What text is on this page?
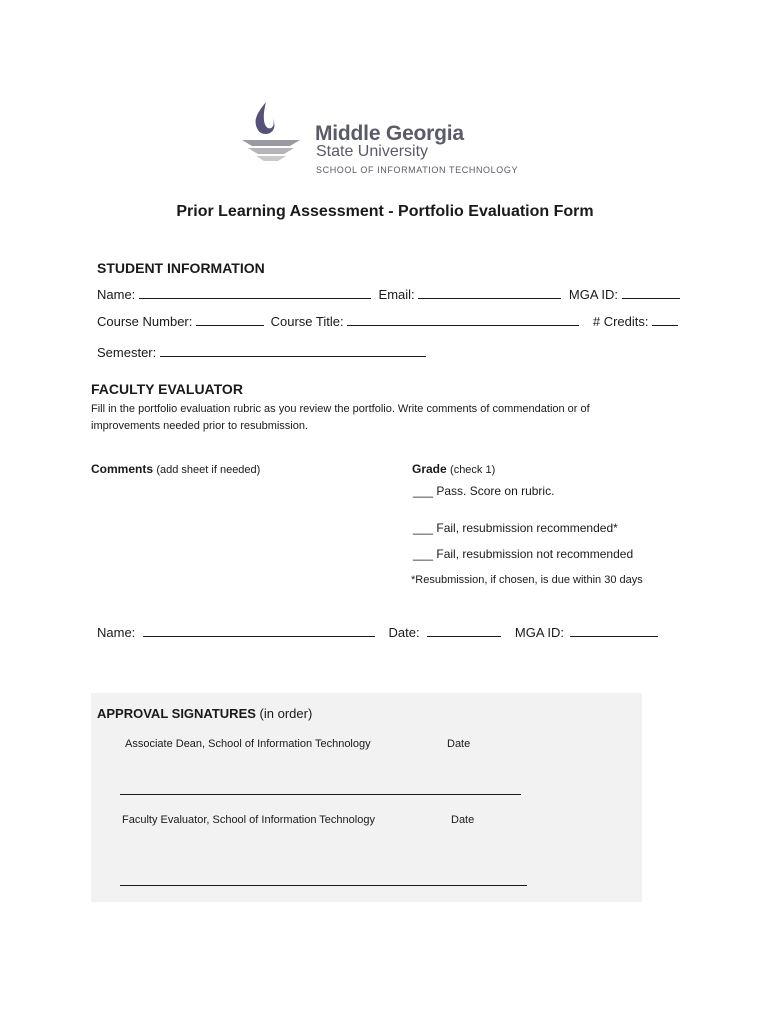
Middle Georgia
State University
SCHOOL OF INFORMATION TECHNOLOGY
Prior Learning Assessment - Portfolio Evaluation Form
STUDENT INFORMATION
Name:	Email:	MGA ID:
Course Number:	Course Title:	# Credits:
Semester:
FACULTY EVALUATOR
Fill in the portfolio evaluation rubric as you review the portfolio. Write comments of commendation or of
improvements needed prior to resubmission.
Comments (add sheet if needed)	Grade (check 1)
___ Pass. Score on rubric.
___ Fail, resubmission recommended*
___ Fail, resubmission not recommended
*Resubmission, if chosen, is due within 30 days
Name:	Date:	MGA ID:
APPROVAL SIGNATURES (in order)
Associate Dean, School of Information Technology	Date
Faculty Evaluator, School of Information Technology	Date
